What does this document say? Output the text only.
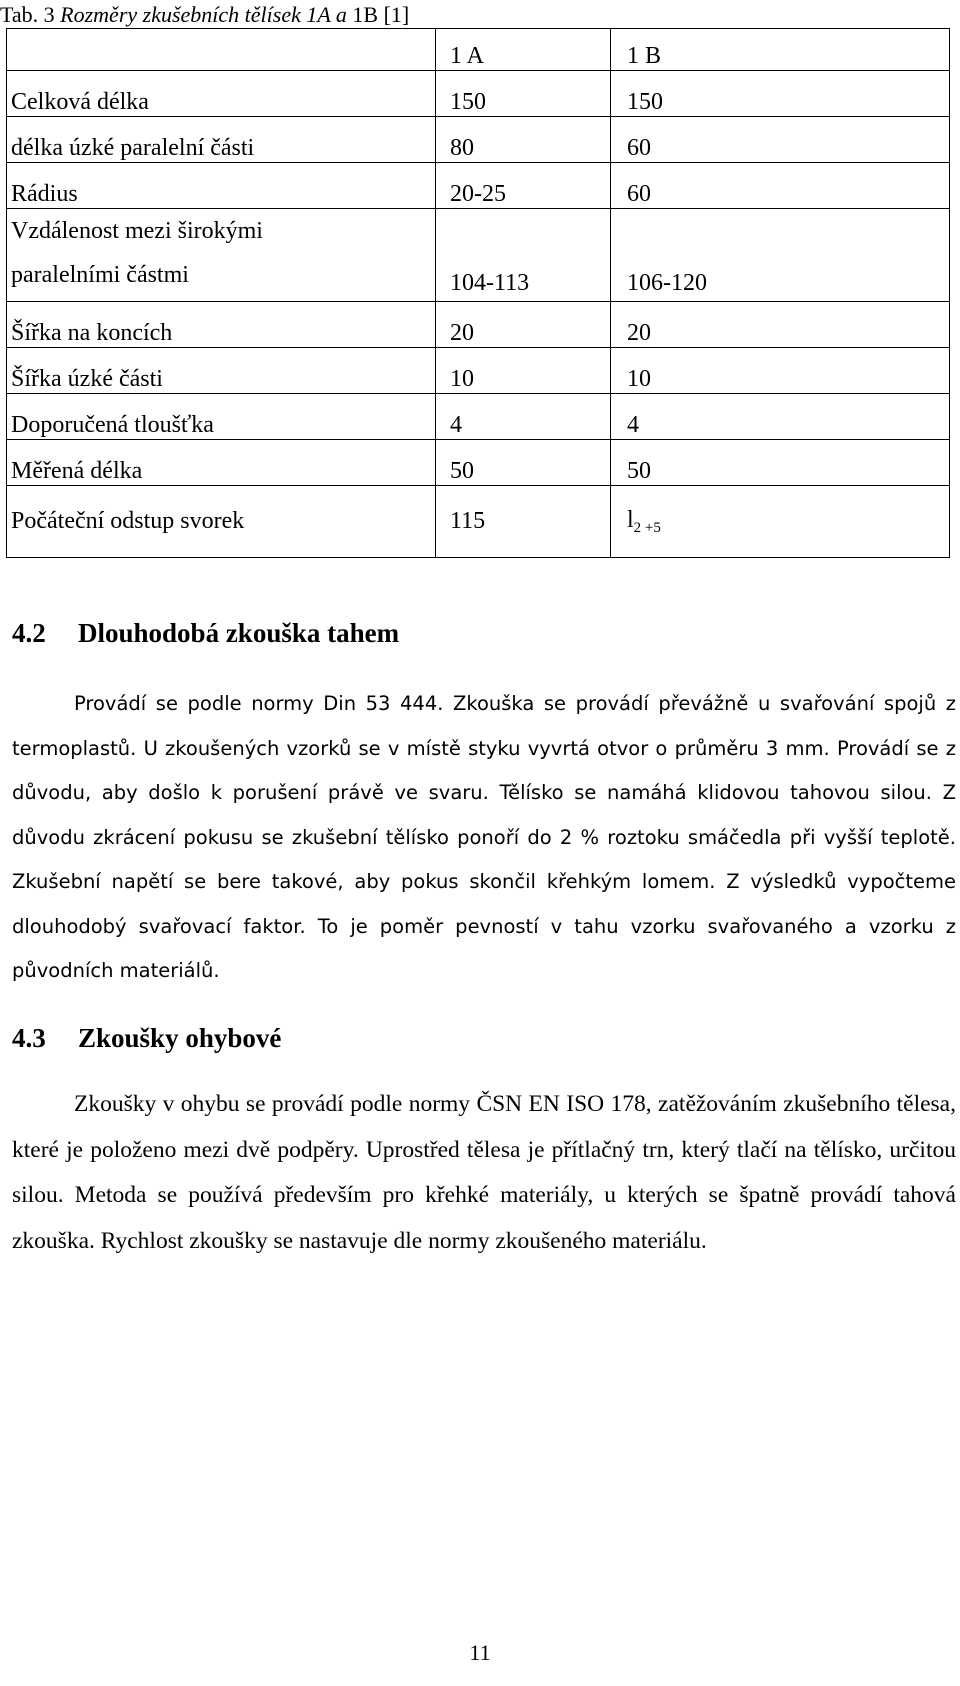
Tab. 3 Rozměry zkušebních tělísek 1A a 1B [1]
	1 A	1 B
Celková délka	150	150
délka úzké paralelní části	80	60
Rádius	20-25	60
Vzdálenost mezi širokými
paralelními částmi	104-113	106-120
Šířka na koncích	20	20
Šířka úzké části	10	10
Doporučená tloušťka	4	4
Měřená délka	50	50
Počáteční odstup svorek	115	$l_{2 +5}$
4.2 Dlouhodobá zkouška tahem

Provádí se podle normy Din 53 444. Zkouška se provádí převážně u svařování spojů z termoplastů. U zkoušených vzorků se v místě styku vyvrtá otvor o průměru 3 mm. Provádí se z důvodu, aby došlo k porušení právě ve svaru. Tělísko se namáhá klidovou tahovou silou. Z důvodu zkrácení pokusu se zkušební tělísko ponoří do 2 % roztoku smáčedla při vyšší teplotě. Zkušební napětí se bere takové, aby pokus skončil křehkým lomem. Z výsledků vypočteme dlouhodobý svařovací faktor. To je poměr pevností v tahu vzorku svařovaného a vzorku z původních materiálů.

4.3 Zkoušky ohybové

Zkoušky v ohybu se provádí podle normy ČSN EN ISO 178, zatěžováním zkušebního tělesa, které je položeno mezi dvě podpěry. Uprostřed tělesa je přítlačný trn, který tlačí na tělísko, určitou silou. Metoda se používá především pro křehké materiály, u kterých se špatně provádí tahová zkouška. Rychlost zkoušky se nastavuje dle normy zkoušeného materiálu.

11
